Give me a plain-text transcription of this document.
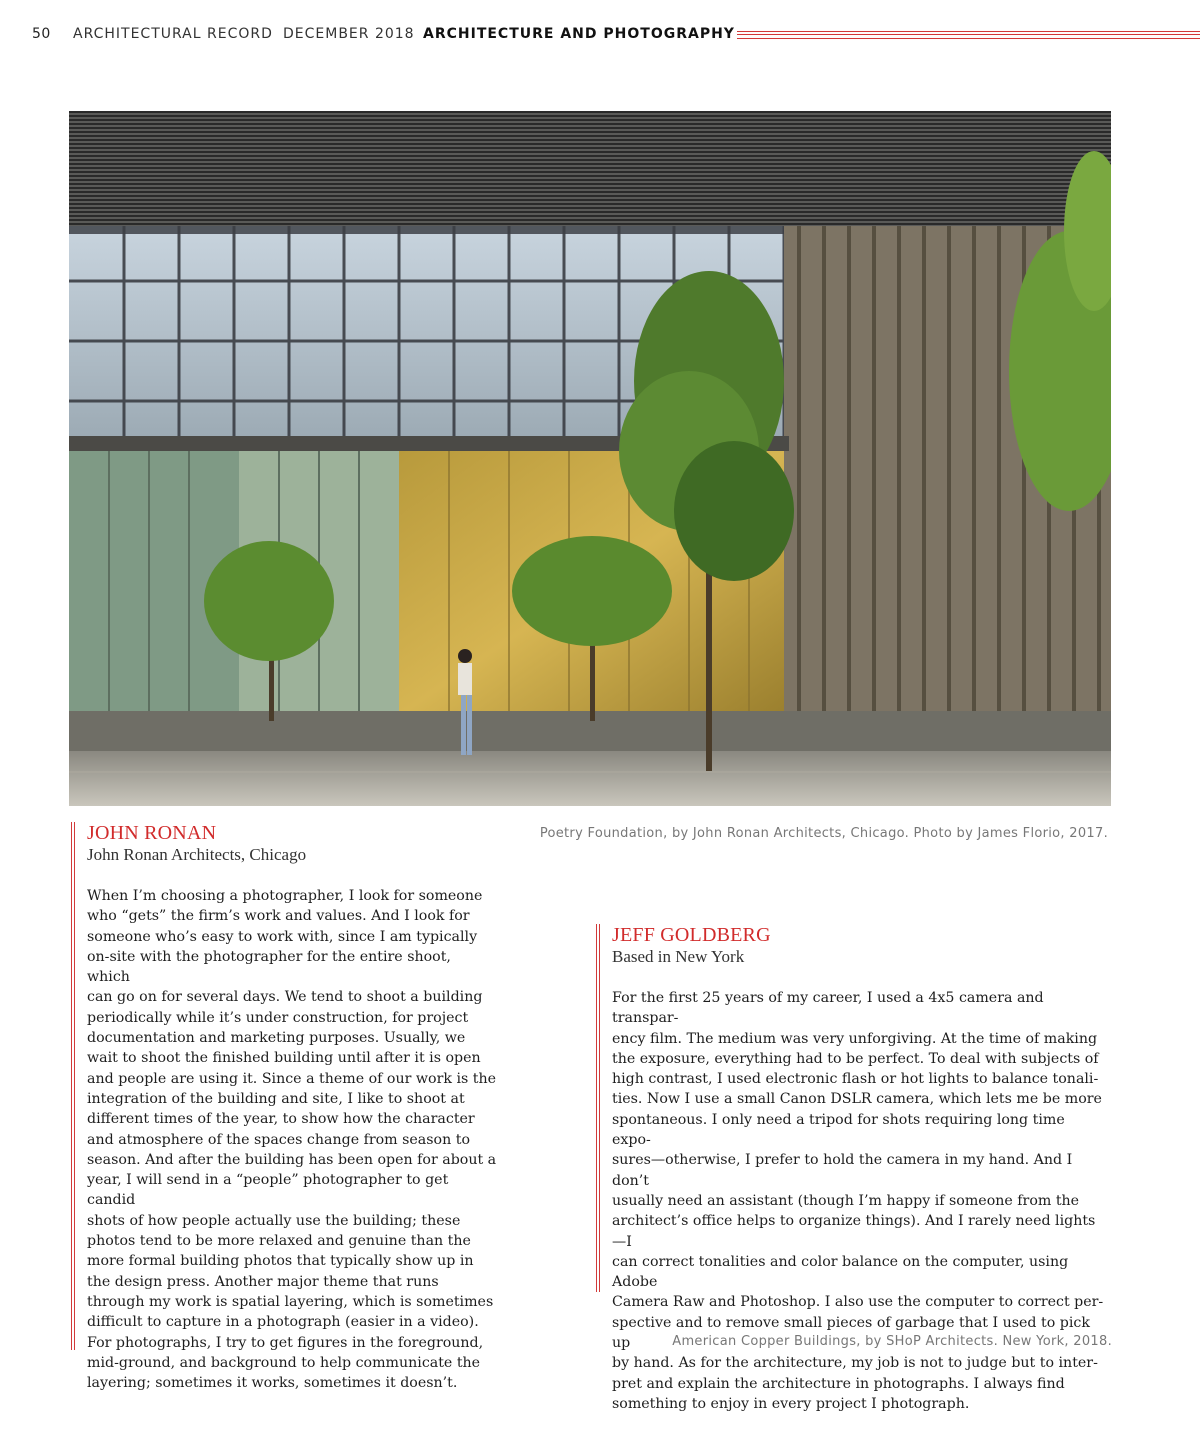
50 ARCHITECTURAL RECORD DECEMBER 2018 ARCHITECTURE AND PHOTOGRAPHY
Poetry Foundation, by John Ronan Architects, Chicago. Photo by James Florio, 2017.
JOHN RONAN
John Ronan Architects, Chicago
When I’m choosing a photographer, I look for someone
who “gets” the firm’s work and values. And I look for
someone who’s easy to work with, since I am typically
on-site with the photographer for the entire shoot, which
can go on for several days. We tend to shoot a building
periodically while it’s under construction, for project
documentation and marketing purposes. Usually, we
wait to shoot the finished building until after it is open
and people are using it. Since a theme of our work is the
integration of the building and site, I like to shoot at
different times of the year, to show how the character
and atmosphere of the spaces change from season to
season. And after the building has been open for about a
year, I will send in a “people” photographer to get candid
shots of how people actually use the building; these
photos tend to be more relaxed and genuine than the
more formal building photos that typically show up in
the design press. Another major theme that runs
through my work is spatial layering, which is sometimes
difficult to capture in a photograph (easier in a video).
For photographs, I try to get figures in the foreground,
mid-ground, and background to help communicate the
layering; sometimes it works, sometimes it doesn’t.
JEFF GOLDBERG
Based in New York
For the first 25 years of my career, I used a 4x5 camera and transpar-
ency film. The medium was very unforgiving. At the time of making
the exposure, everything had to be perfect. To deal with subjects of
high contrast, I used electronic flash or hot lights to balance tonali-
ties. Now I use a small Canon DSLR camera, which lets me be more
spontaneous. I only need a tripod for shots requiring long time expo-
sures—otherwise, I prefer to hold the camera in my hand. And I don’t
usually need an assistant (though I’m happy if someone from the
architect’s office helps to organize things). And I rarely need lights—I
can correct tonalities and color balance on the computer, using Adobe
Camera Raw and Photoshop. I also use the computer to correct per-
spective and to remove small pieces of garbage that I used to pick up
by hand. As for the architecture, my job is not to judge but to inter-
pret and explain the architecture in photographs. I always find
something to enjoy in every project I photograph.
American Copper Buildings, by SHoP Architects. New York, 2018.
